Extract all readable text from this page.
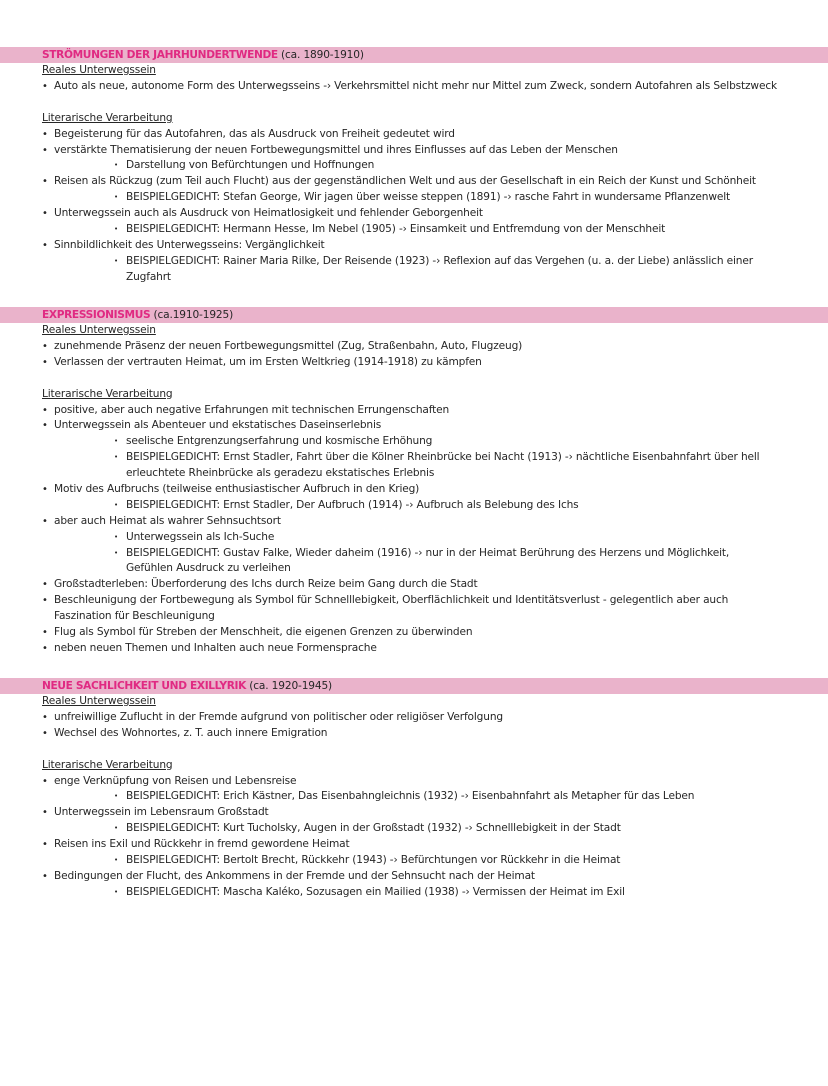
STRÖMUNGEN DER JAHRHUNDERTWENDE (ca. 1890-1910)
Reales Unterwegssein
• Auto als neue, autonome Form des Unterwegsseins -› Verkehrsmittel nicht mehr nur Mittel zum Zweck, sondern Autofahren als Selbstzweck
Literarische Verarbeitung
• Begeisterung für das Autofahren, das als Ausdruck von Freiheit gedeutet wird
• verstärkte Thematisierung der neuen Fortbewegungsmittel und ihres Einflusses auf das Leben der Menschen
• Darstellung von Befürchtungen und Hoffnungen
• Reisen als Rückzug (zum Teil auch Flucht) aus der gegenständlichen Welt und aus der Gesellschaft in ein Reich der Kunst und Schönheit
• BEISPIELGEDICHT: Stefan George, Wir jagen über weisse steppen (1891) -› rasche Fahrt in wundersame Pflanzenwelt
• Unterwegssein auch als Ausdruck von Heimatlosigkeit und fehlender Geborgenheit
• BEISPIELGEDICHT: Hermann Hesse, Im Nebel (1905) -› Einsamkeit und Entfremdung von der Menschheit
• Sinnbildlichkeit des Unterwegsseins: Vergänglichkeit
• BEISPIELGEDICHT: Rainer Maria Rilke, Der Reisende (1923) -› Reflexion auf das Vergehen (u. a. der Liebe) anlässlich einer
Zugfahrt
EXPRESSIONISMUS (ca.1910-1925)
Reales Unterwegssein
• zunehmende Präsenz der neuen Fortbewegungsmittel (Zug, Straßenbahn, Auto, Flugzeug)
• Verlassen der vertrauten Heimat, um im Ersten Weltkrieg (1914-1918) zu kämpfen
Literarische Verarbeitung
• positive, aber auch negative Erfahrungen mit technischen Errungenschaften
• Unterwegssein als Abenteuer und ekstatisches Daseinserlebnis
• seelische Entgrenzungserfahrung und kosmische Erhöhung
• BEISPIELGEDICHT: Ernst Stadler, Fahrt über die Kölner Rheinbrücke bei Nacht (1913) -› nächtliche Eisenbahnfahrt über hell
erleuchtete Rheinbrücke als geradezu ekstatisches Erlebnis
• Motiv des Aufbruchs (teilweise enthusiastischer Aufbruch in den Krieg)
• BEISPIELGEDICHT: Ernst Stadler, Der Aufbruch (1914) -› Aufbruch als Belebung des Ichs
• aber auch Heimat als wahrer Sehnsuchtsort
• Unterwegssein als Ich-Suche
• BEISPIELGEDICHT: Gustav Falke, Wieder daheim (1916) -› nur in der Heimat Berührung des Herzens und Möglichkeit,
Gefühlen Ausdruck zu verleihen
• Großstadterleben: Überforderung des Ichs durch Reize beim Gang durch die Stadt
• Beschleunigung der Fortbewegung als Symbol für Schnelllebigkeit, Oberflächlichkeit und Identitätsverlust - gelegentlich aber auch
Faszination für Beschleunigung
• Flug als Symbol für Streben der Menschheit, die eigenen Grenzen zu überwinden
• neben neuen Themen und Inhalten auch neue Formensprache
NEUE SACHLICHKEIT UND EXILLYRIK (ca. 1920-1945)
Reales Unterwegssein
• unfreiwillige Zuflucht in der Fremde aufgrund von politischer oder religiöser Verfolgung
• Wechsel des Wohnortes, z. T. auch innere Emigration
Literarische Verarbeitung
• enge Verknüpfung von Reisen und Lebensreise
• BEISPIELGEDICHT: Erich Kästner, Das Eisenbahngleichnis (1932) -› Eisenbahnfahrt als Metapher für das Leben
• Unterwegssein im Lebensraum Großstadt
• BEISPIELGEDICHT: Kurt Tucholsky, Augen in der Großstadt (1932) -› Schnelllebigkeit in der Stadt
• Reisen ins Exil und Rückkehr in fremd gewordene Heimat
• BEISPIELGEDICHT: Bertolt Brecht, Rückkehr (1943) -› Befürchtungen vor Rückkehr in die Heimat
• Bedingungen der Flucht, des Ankommens in der Fremde und der Sehnsucht nach der Heimat
• BEISPIELGEDICHT: Mascha Kaléko, Sozusagen ein Mailied (1938) -› Vermissen der Heimat im Exil
